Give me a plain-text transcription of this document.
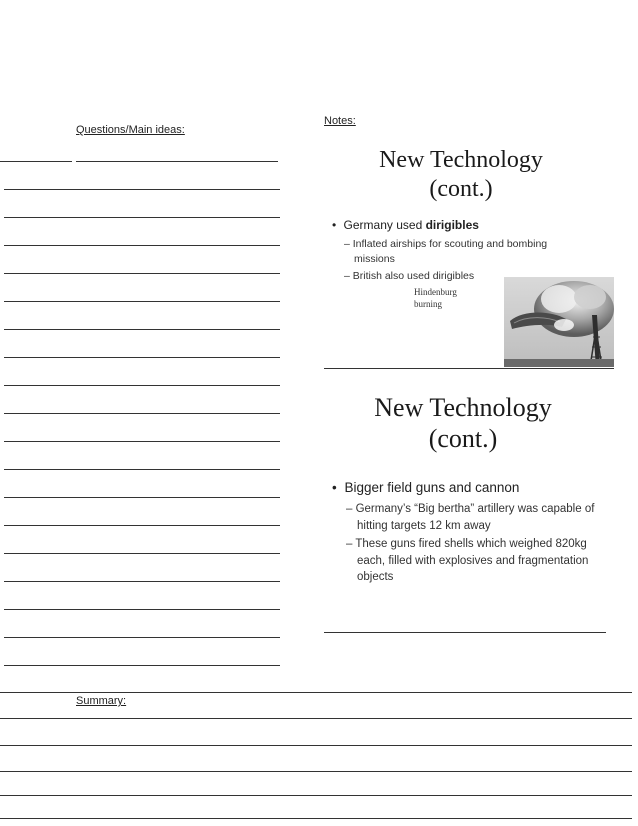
Questions/Main ideas:
Notes:
New Technology
(cont.)
• Germany used dirigibles
– Inflated airships for scouting and bombing
missions
– British also used dirigibles
Hindenburg
burning
New Technology
(cont.)
• Bigger field guns and cannon
– Germany’s “Big bertha” artillery was capable of
hitting targets 12 km away
– These guns fired shells which weighed 820kg
each, filled with explosives and fragmentation
objects
Summary:
